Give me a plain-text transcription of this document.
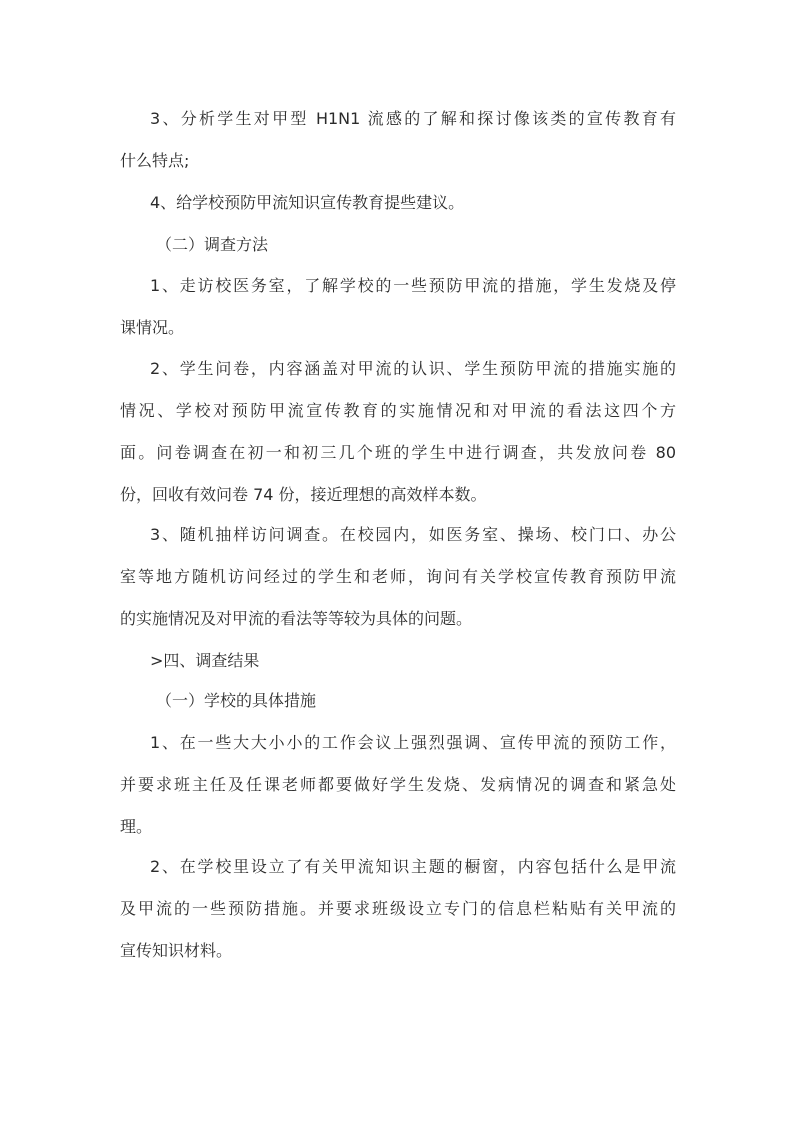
3、分析学生对甲型 H1N1 流感的了解和探讨像该类的宣传教育有
什么特点;

4、给学校预防甲流知识宣传教育提些建议。

（二）调查方法

1、走访校医务室，了解学校的一些预防甲流的措施，学生发烧及停
课情况。

2、学生问卷，内容涵盖对甲流的认识、学生预防甲流的措施实施的
情况、学校对预防甲流宣传教育的实施情况和对甲流的看法这四个方
面。问卷调查在初一和初三几个班的学生中进行调查，共发放问卷 80
份，回收有效问卷 74 份，接近理想的高效样本数。

3、随机抽样访问调查。在校园内，如医务室、操场、校门口、办公
室等地方随机访问经过的学生和老师，询问有关学校宣传教育预防甲流
的实施情况及对甲流的看法等等较为具体的问题。

>四、调查结果

（一）学校的具体措施

1、在一些大大小小的工作会议上强烈强调、宣传甲流的预防工作，
并要求班主任及任课老师都要做好学生发烧、发病情况的调查和紧急处
理。

2、在学校里设立了有关甲流知识主题的橱窗，内容包括什么是甲流
及甲流的一些预防措施。并要求班级设立专门的信息栏粘贴有关甲流的
宣传知识材料。
